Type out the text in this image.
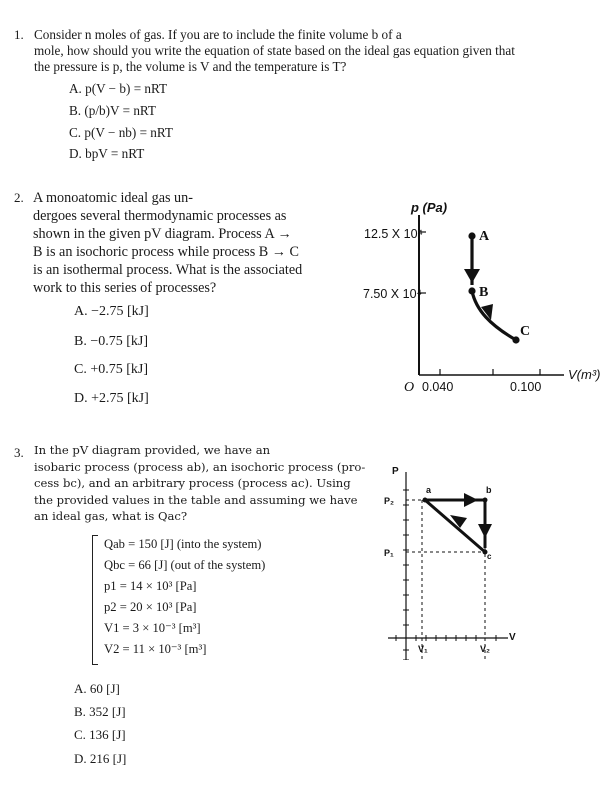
1. Consider n moles of gas. If you are to include the finite volume b of a
mole, how should you write the equation of state based on the ideal gas equation given that
the pressure is p, the volume is V and the temperature is T?
A. p(V − b) = nRT
B. (p/b)V = nRT
C. p(V − nb) = nRT
D. bpV = nRT
2. A monoatomic ideal gas un-
dergoes several thermodynamic processes as
shown in the given pV diagram. Process A →
B is an isochoric process while process B → C
is an isothermal process. What is the associated
work to this series of processes?
A. −2.75 [kJ]
B. −0.75 [kJ]
C. +0.75 [kJ]
D. +2.75 [kJ]
p (Pa)
12.5 X 10⁴
7.50 X 10⁴
O 0.040	0.100
V(m³)
A
B
C
3. In the pV diagram provided, we have an
isobaric process (process ab), an isochoric process (pro-
cess bc), and an arbitrary process (process ac). Using
the provided values in the table and assuming we have
an ideal gas, what is Qac?
Qab = 150 [J] (into the system)
Qbc = 66 [J] (out of the system)
p1 = 14 × 10³ [Pa]
p2 = 20 × 10³ [Pa]
V1 = 3 × 10⁻³ [m³]
V2 = 11 × 10⁻³ [m³]
A. 60 [J]
B. 352 [J]
C. 136 [J]
D. 216 [J]
P
P₂
P₁
V₁	V₂
V
a	b
c
